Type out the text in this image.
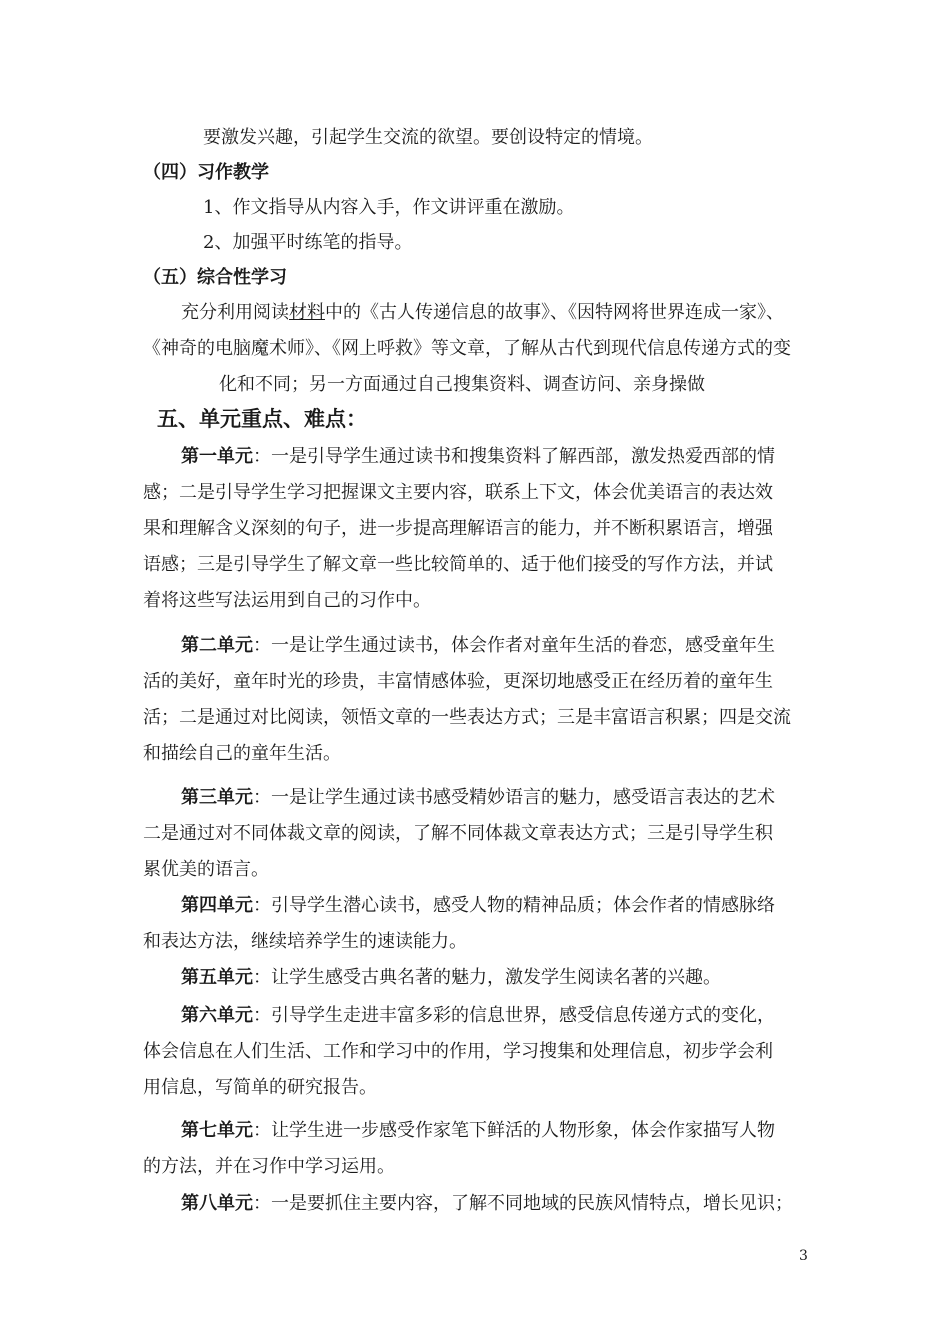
要激发兴趣，引起学生交流的欲望。要创设特定的情境。
（四）习作教学
1、作文指导从内容入手，作文讲评重在激励。
2、加强平时练笔的指导。
（五）综合性学习
充分利用阅读材料中的《古人传递信息的故事》、《因特网将世界连成一家》、
《神奇的电脑魔术师》、《网上呼救》等文章，了解从古代到现代信息传递方式的变
化和不同；另一方面通过自己搜集资料、调查访问、亲身操做
五、单元重点、难点：
第一单元：一是引导学生通过读书和搜集资料了解西部，激发热爱西部的情
感；二是引导学生学习把握课文主要内容，联系上下文，体会优美语言的表达效
果和理解含义深刻的句子，进一步提高理解语言的能力，并不断积累语言，增强
语感；三是引导学生了解文章一些比较简单的、适于他们接受的写作方法，并试
着将这些写法运用到自己的习作中。
第二单元：一是让学生通过读书，体会作者对童年生活的眷恋，感受童年生
活的美好，童年时光的珍贵，丰富情感体验，更深切地感受正在经历着的童年生
活；二是通过对比阅读，领悟文章的一些表达方式；三是丰富语言积累；四是交流
和描绘自己的童年生活。
第三单元：一是让学生通过读书感受精妙语言的魅力，感受语言表达的艺术
二是通过对不同体裁文章的阅读，了解不同体裁文章表达方式；三是引导学生积
累优美的语言。
第四单元：引导学生潜心读书，感受人物的精神品质；体会作者的情感脉络
和表达方法，继续培养学生的速读能力。
第五单元：让学生感受古典名著的魅力，激发学生阅读名著的兴趣。
第六单元：引导学生走进丰富多彩的信息世界，感受信息传递方式的变化，
体会信息在人们生活、工作和学习中的作用，学习搜集和处理信息，初步学会利
用信息，写简单的研究报告。
第七单元：让学生进一步感受作家笔下鲜活的人物形象，体会作家描写人物
的方法，并在习作中学习运用。
第八单元：一是要抓住主要内容，了解不同地域的民族风情特点，增长见识；
3
